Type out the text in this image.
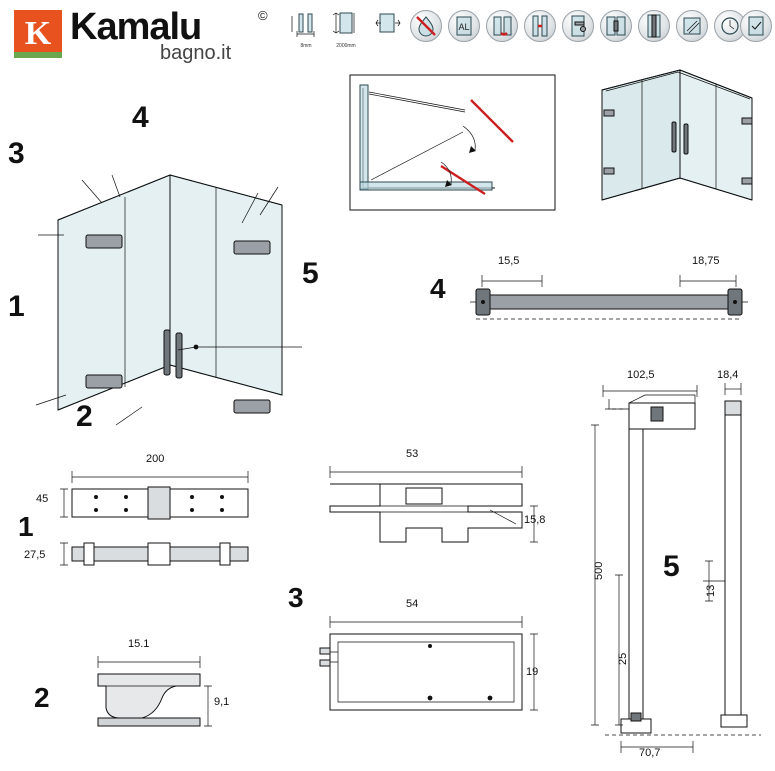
K Kamalu
bagno.it
©
8mm	2000mm
AL
4
3
1
2
5	4
15,5	18,75
1
200
45
27,5
2
15.1
9,1
53
15,8
3	54
19
5
102,5	18,4
500
25
13
70,7
